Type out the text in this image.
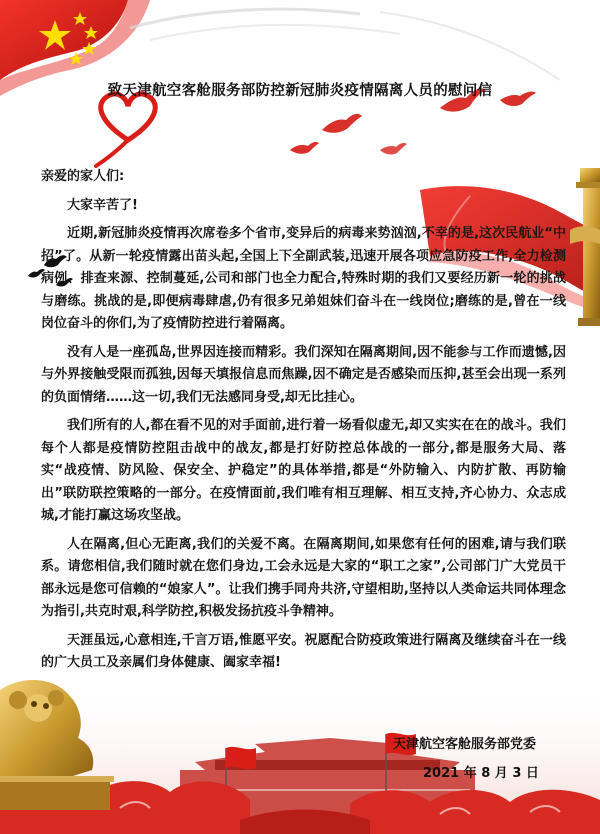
致天津航空客舱服务部防控新冠肺炎疫情隔离人员的慰问信

亲爱的家人们:

大家辛苦了!

近期,新冠肺炎疫情再次席卷多个省市,变异后的病毒来势汹汹,不幸的是,这次民航业“中招”了。从新一轮疫情露出苗头起,全国上下全副武装,迅速开展各项应急防疫工作,全力检测病例、排查来源、控制蔓延,公司和部门也全力配合,特殊时期的我们又要经历新一轮的挑战与磨练。挑战的是,即便病毒肆虐,仍有很多兄弟姐妹们奋斗在一线岗位;磨练的是,曾在一线岗位奋斗的你们,为了疫情防控进行着隔离。

没有人是一座孤岛,世界因连接而精彩。我们深知在隔离期间,因不能参与工作而遗憾,因与外界接触受限而孤独,因每天填报信息而焦躁,因不确定是否感染而压抑,甚至会出现一系列的负面情绪……这一切,我们无法感同身受,却无比挂心。

我们所有的人,都在看不见的对手面前,进行着一场看似虚无,却又实实在在的战斗。我们每个人都是疫情防控阻击战中的战友,都是打好防控总体战的一部分,都是服务大局、落实“战疫情、防风险、保安全、护稳定”的具体举措,都是“外防输入、内防扩散、再防输出”联防联控策略的一部分。在疫情面前,我们唯有相互理解、相互支持,齐心协力、众志成城,才能打赢这场攻坚战。

人在隔离,但心无距离,我们的关爱不离。在隔离期间,如果您有任何的困难,请与我们联系。请您相信,我们随时就在您们身边,工会永远是大家的“职工之家”,公司部门广大党员干部永远是您可信赖的“娘家人”。让我们携手同舟共济,守望相助,坚持以人类命运共同体理念为指引,共克时艰,科学防控,积极发扬抗疫斗争精神。

天涯虽远,心意相连,千言万语,惟愿平安。祝愿配合防疫政策进行隔离及继续奋斗在一线的广大员工及亲属们身体健康、阖家幸福!

天津航空客舱服务部党委
2021 年 8 月 3 日
